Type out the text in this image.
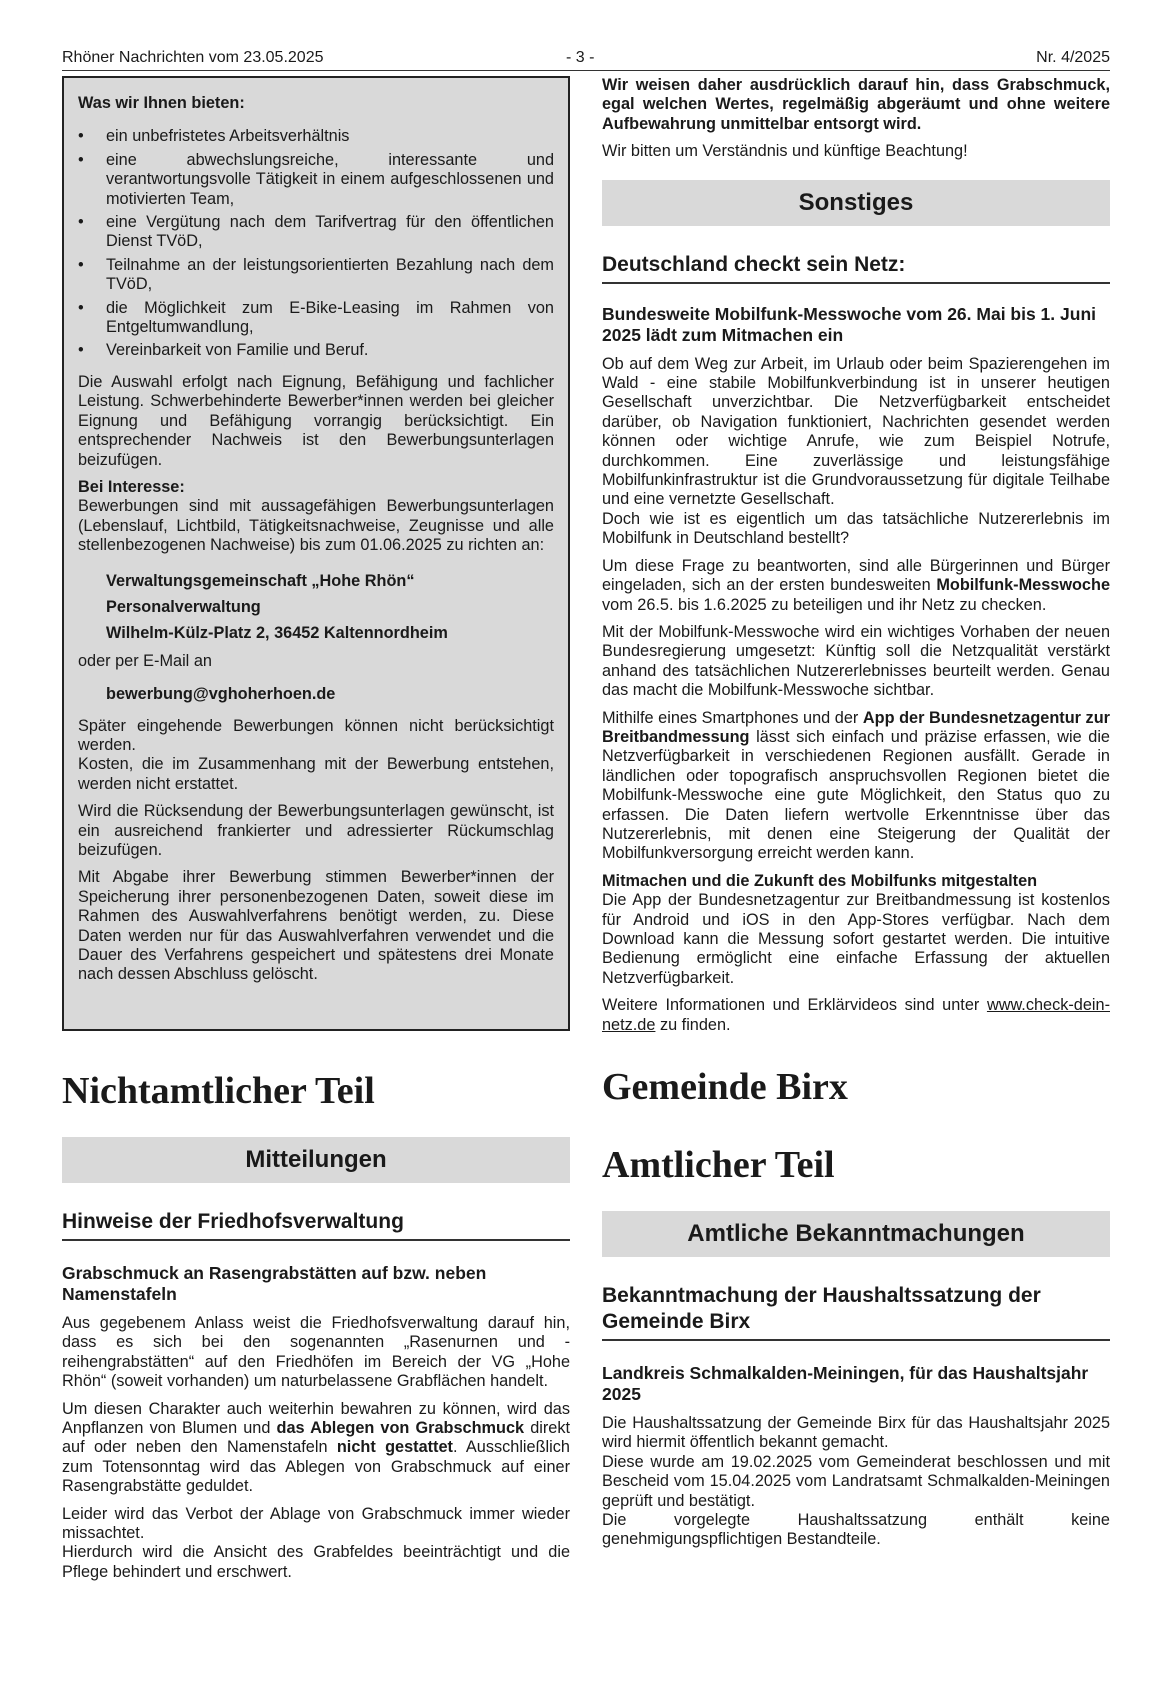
Rhöner Nachrichten vom 23.05.2025	- 3 -	Nr. 4/2025
Was wir Ihnen bieten:
• ein unbefristetes Arbeitsverhältnis
• eine abwechslungsreiche, interessante und verantwortungsvolle Tätigkeit in einem aufgeschlossenen und motivierten Team,
• eine Vergütung nach dem Tarifvertrag für den öffentlichen Dienst TVöD,
• Teilnahme an der leistungsorientierten Bezahlung nach dem TVöD,
• die Möglichkeit zum E-Bike-Leasing im Rahmen von Entgeltumwandlung,
• Vereinbarkeit von Familie und Beruf.

Die Auswahl erfolgt nach Eignung, Befähigung und fachlicher Leistung. Schwerbehinderte Bewerber*innen werden bei gleicher Eignung und Befähigung vorrangig berücksichtigt. Ein entsprechender Nachweis ist den Bewerbungsunterlagen beizufügen.

Bei Interesse:

Bewerbungen sind mit aussagefähigen Bewerbungsunterlagen (Lebenslauf, Lichtbild, Tätigkeitsnachweise, Zeugnisse und alle stellenbezogenen Nachweise) bis zum 01.06.2025 zu richten an:

Verwaltungsgemeinschaft „Hohe Rhön“
Personalverwaltung
Wilhelm-Külz-Platz 2, 36452 Kaltennordheim
oder per E-Mail an
bewerbung@vghoherhoen.de
Später eingehende Bewerbungen können nicht berücksichtigt werden.

Kosten, die im Zusammenhang mit der Bewerbung entstehen, werden nicht erstattet.

Wird die Rücksendung der Bewerbungsunterlagen gewünscht, ist ein ausreichend frankierter und adressierter Rückumschlag beizufügen.

Mit Abgabe ihrer Bewerbung stimmen Bewerber*innen der Speicherung ihrer personenbezogenen Daten, soweit diese im Rahmen des Auswahlverfahrens benötigt werden, zu. Diese Daten werden nur für das Auswahlverfahren verwendet und die Dauer des Verfahrens gespeichert und spätestens drei Monate nach dessen Abschluss gelöscht.

Nichtamtlicher Teil
Mitteilungen
Hinweise der Friedhofsverwaltung
Grabschmuck an Rasengrabstätten auf bzw. neben Namenstafeln

Aus gegebenem Anlass weist die Friedhofsverwaltung darauf hin, dass es sich bei den sogenannten „Rasenurnen und -reihengrabstätten“ auf den Friedhöfen im Bereich der VG „Hohe Rhön“ (soweit vorhanden) um naturbelassene Grabflächen handelt.

Um diesen Charakter auch weiterhin bewahren zu können, wird das Anpflanzen von Blumen und das Ablegen von Grabschmuck direkt auf oder neben den Namenstafeln nicht gestattet. Ausschließlich zum Totensonntag wird das Ablegen von Grabschmuck auf einer Rasengrabstätte geduldet.

Leider wird das Verbot der Ablage von Grabschmuck immer wieder missachtet.
Hierdurch wird die Ansicht des Grabfeldes beeinträchtigt und die Pflege behindert und erschwert.

Wir weisen daher ausdrücklich darauf hin, dass Grabschmuck, egal welchen Wertes, regelmäßig abgeräumt und ohne weitere Aufbewahrung unmittelbar entsorgt wird.

Wir bitten um Verständnis und künftige Beachtung!

Sonstiges
Deutschland checkt sein Netz:
Bundesweite Mobilfunk-Messwoche vom 26. Mai bis 1. Juni 2025 lädt zum Mitmachen ein
Ob auf dem Weg zur Arbeit, im Urlaub oder beim Spazierengehen im Wald - eine stabile Mobilfunkverbindung ist in unserer heutigen Gesellschaft unverzichtbar. Die Netzverfügbarkeit entscheidet darüber, ob Navigation funktioniert, Nachrichten gesendet werden können oder wichtige Anrufe, wie zum Beispiel Notrufe, durchkommen. Eine zuverlässige und leistungsfähige Mobilfunkinfrastruktur ist die Grundvoraussetzung für digitale Teilhabe und eine vernetzte Gesellschaft.

Doch wie ist es eigentlich um das tatsächliche Nutzererlebnis im Mobilfunk in Deutschland bestellt?

Um diese Frage zu beantworten, sind alle Bürgerinnen und Bürger eingeladen, sich an der ersten bundesweiten Mobilfunk-Messwoche vom 26.5. bis 1.6.2025 zu beteiligen und ihr Netz zu checken.

Mit der Mobilfunk-Messwoche wird ein wichtiges Vorhaben der neuen Bundesregierung umgesetzt: Künftig soll die Netzqualität verstärkt anhand des tatsächlichen Nutzererlebnisses beurteilt werden. Genau das macht die Mobilfunk-Messwoche sichtbar.

Mithilfe eines Smartphones und der App der Bundesnetzagentur zur Breitbandmessung lässt sich einfach und präzise erfassen, wie die Netzverfügbarkeit in verschiedenen Regionen ausfällt. Gerade in ländlichen oder topografisch anspruchsvollen Regionen bietet die Mobilfunk-Messwoche eine gute Möglichkeit, den Status quo zu erfassen. Die Daten liefern wertvolle Erkenntnisse über das Nutzererlebnis, mit denen eine Steigerung der Qualität der Mobilfunkversorgung erreicht werden kann.

Mitmachen und die Zukunft des Mobilfunks mitgestalten

Die App der Bundesnetzagentur zur Breitbandmessung ist kostenlos für Android und iOS in den App-Stores verfügbar. Nach dem Download kann die Messung sofort gestartet werden. Die intuitive Bedienung ermöglicht eine einfache Erfassung der aktuellen Netzverfügbarkeit.

Weitere Informationen und Erklärvideos sind unter www.check-dein-netz.de zu finden.

Gemeinde Birx
Amtlicher Teil
Amtliche Bekanntmachungen
Bekanntmachung der Haushaltssatzung der Gemeinde Birx
Landkreis Schmalkalden-Meiningen, für das Haushaltsjahr 2025
Die Haushaltssatzung der Gemeinde Birx für das Haushaltsjahr 2025 wird hiermit öffentlich bekannt gemacht.
Diese wurde am 19.02.2025 vom Gemeinderat beschlossen und mit Bescheid vom 15.04.2025 vom Landratsamt Schmalkalden-Meiningen geprüft und bestätigt.
Die vorgelegte Haushaltssatzung enthält keine genehmigungspflichtigen Bestandteile.
